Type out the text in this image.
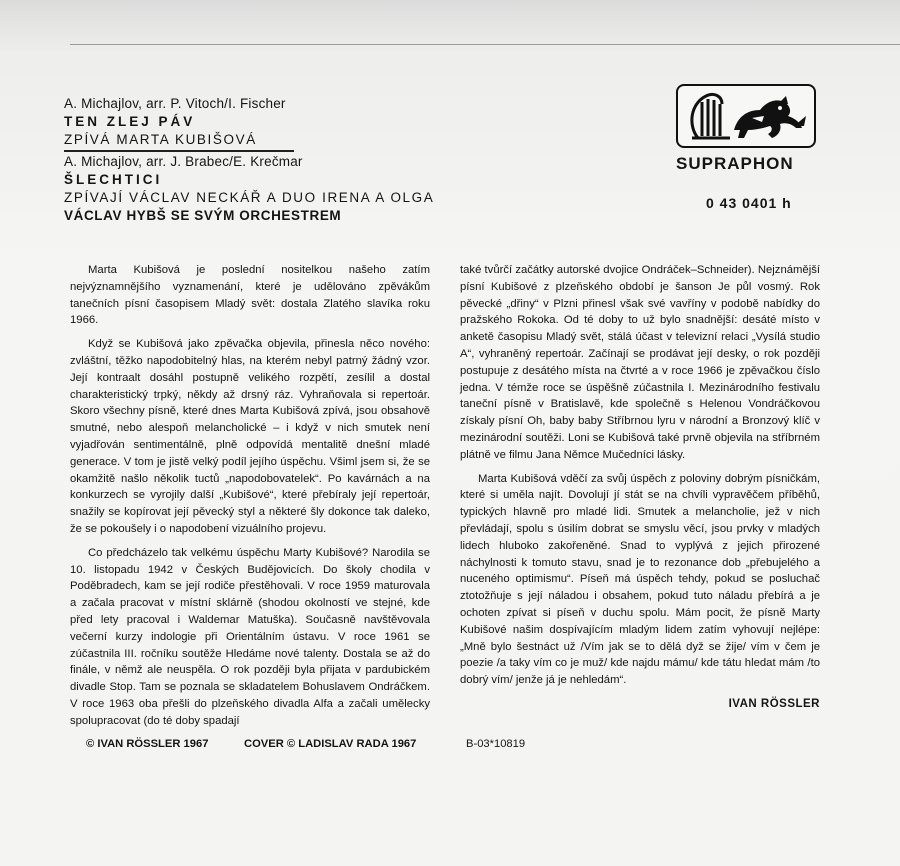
A. Michajlov, arr. P. Vitoch/I. Fischer
TEN ZLEJ PÁV
ZPÍVÁ MARTA KUBIŠOVÁ
A. Michajlov, arr. J. Brabec/E. Krečmar
ŠLECHTICI
ZPÍVAJÍ VÁCLAV NECKÁŘ A DUO IRENA A OLGA
VÁCLAV HYBŠ SE SVÝM ORCHESTREM
SUPRAPHON
0 43 0401 h

Marta Kubišová je poslední nositelkou našeho zatím nejvýznamnějšího vyznamenání, které je udělováno zpěvákům tanečních písní časopisem Mladý svět: dostala Zlatého slavíka roku 1966.

Když se Kubišová jako zpěvačka objevila, přinesla něco nového: zvláštní, těžko napodobitelný hlas, na kterém nebyl patrný žádný vzor. Její kontraalt dosáhl postupně velikého rozpětí, zesílil a dostal charakteristický trpký, někdy až drsný ráz. Vyhraňovala si repertoár. Skoro všechny písně, které dnes Marta Kubišová zpívá, jsou obsahově smutné, nebo alespoň melancholické – i když v nich smutek není vyjadřován sentimentálně, plně odpovídá mentalitě dnešní mladé generace. V tom je jistě velký podíl jejího úspěchu. Všiml jsem si, že se okamžitě našlo několik tuctů „napodobovatelek“. Po kavárnách a na konkurzech se vyrojily další „Kubišové“, které přebíraly její repertoár, snažily se kopírovat její pěvecký styl a některé šly dokonce tak daleko, že se pokoušely i o napodobení vizuálního projevu.

Co předcházelo tak velkému úspěchu Marty Kubišové? Narodila se 10. listopadu 1942 v Českých Budějovicích. Do školy chodila v Poděbradech, kam se její rodiče přestěhovali. V roce 1959 maturovala a začala pracovat v místní sklárně (shodou okolností ve stejné, kde před lety pracoval i Waldemar Matuška). Současně navštěvovala večerní kurzy indologie při Orientálním ústavu. V roce 1961 se zúčastnila III. ročníku soutěže Hledáme nové talenty. Dostala se až do finále, v němž ale neuspěla. O rok později byla přijata v pardubickém divadle Stop. Tam se poznala se skladatelem Bohuslavem Ondráčkem. V roce 1963 oba přešli do plzeňského divadla Alfa a začali umělecky spolupracovat (do té doby spadají

také tvůrčí začátky autorské dvojice Ondráček–Schneider). Nejznámější písní Kubišové z plzeňského období je šanson Je půl vosmý. Rok pěvecké „dřiny“ v Plzni přinesl však své vavříny v podobě nabídky do pražského Rokoka. Od té doby to už bylo snadnější: desáté místo v anketě časopisu Mladý svět, stálá účast v televizní relaci „Vysílá studio A“, vyhraněný repertoár. Začínají se prodávat její desky, o rok později postupuje z desátého místa na čtvrté a v roce 1966 je zpěvačkou číslo jedna. V témže roce se úspěšně zúčastnila I. Mezinárodního festivalu taneční písně v Bratislavě, kde společně s Helenou Vondráčkovou získaly písní Oh, baby baby Stříbrnou lyru v národní a Bronzový klíč v mezinárodní soutěži. Loni se Kubišová také prvně objevila na stříbrném plátně ve filmu Jana Němce Mučedníci lásky.

Marta Kubišová vděčí za svůj úspěch z poloviny dobrým písničkám, které si uměla najít. Dovolují jí stát se na chvíli vypravěčem příběhů, typických hlavně pro mladé lidi. Smutek a melancholie, jež v nich převládají, spolu s úsilím dobrat se smyslu věcí, jsou prvky v mladých lidech hluboko zakořeněné. Snad to vyplývá z jejich přirozené náchylnosti k tomuto stavu, snad je to rezonance dob „přebujelého a nuceného optimismu“. Píseň má úspěch tehdy, pokud se posluchač ztotožňuje s její náladou i obsahem, pokud tuto náladu přebírá a je ochoten zpívat si píseň v duchu spolu. Mám pocit, že písně Marty Kubišové našim dospívajícím mladým lidem zatím vyhovují nejlépe: „Mně bylo šestnáct už /Vím jak se to dělá dyž se žije/ vím v čem je poezie /a taky vím co je muž/ kde najdu mámu/ kde tátu hledat mám /to dobrý vím/ jenže já je nehledám“.

IVAN RÖSSLER
© IVAN RÖSSLER 1967	COVER © LADISLAV RADA 1967	B-03*10819
